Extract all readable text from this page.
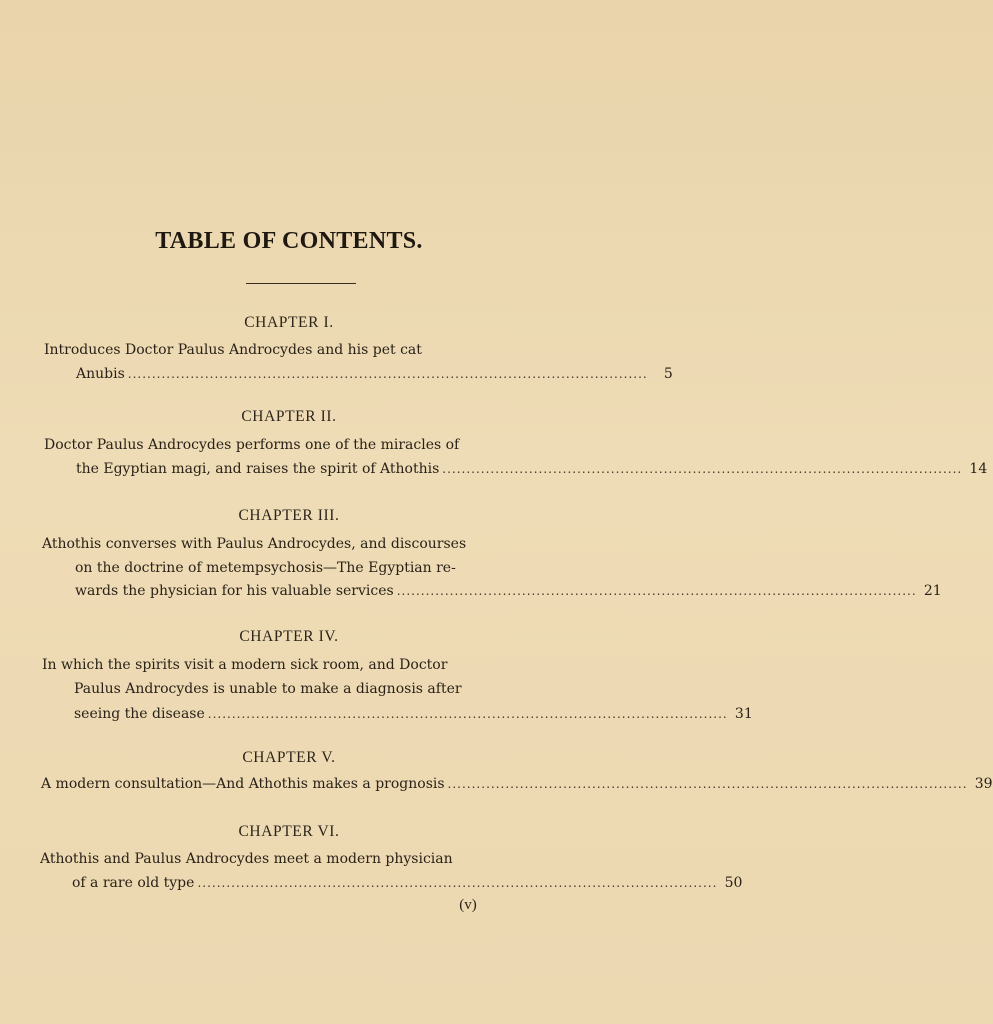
TABLE OF CONTENTS.
CHAPTER I.
Introduces Doctor Paulus Androcydes and his pet cat
Anubis ............................................................................................................	5
CHAPTER II.
Doctor Paulus Androcydes performs one of the miracles of
the Egyptian magi, and raises the spirit of Athothis ............................................................................................................ 14
CHAPTER III.
Athothis converses with Paulus Androcydes, and discourses
on the doctrine of metempsychosis—The Egyptian re-
wards the physician for his valuable services ............................................................................................................ 21
CHAPTER IV.
In which the spirits visit a modern sick room, and Doctor
Paulus Androcydes is unable to make a diagnosis after
seeing the disease ............................................................................................................ 31
CHAPTER V.
A modern consultation—And Athothis makes a prognosis ............................................................................................................ 39
CHAPTER VI.
Athothis and Paulus Androcydes meet a modern physician
of a rare old type ............................................................................................................ 50
(v)
